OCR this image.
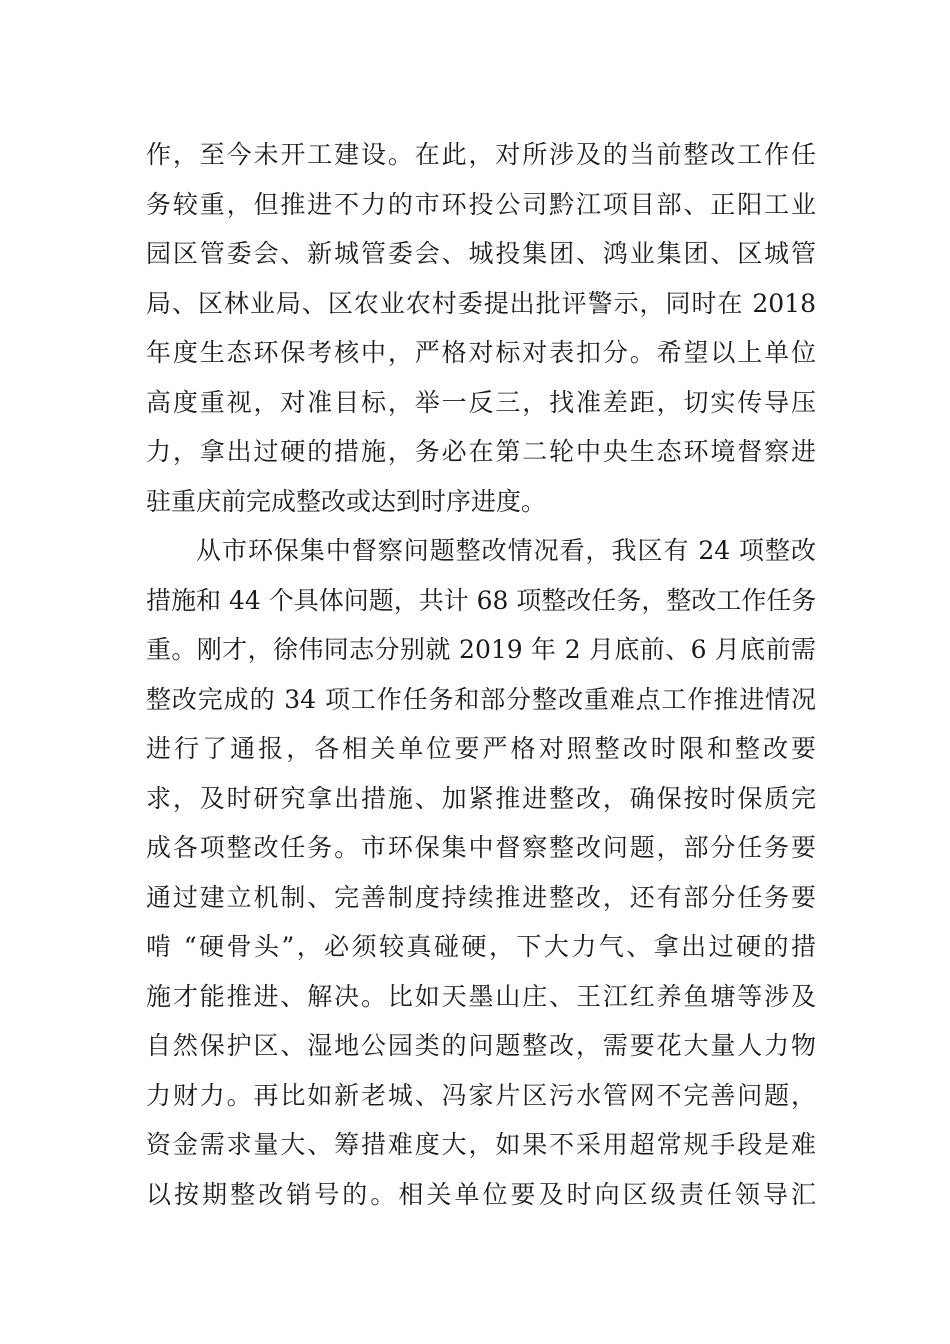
作，至今未开工建设。在此，对所涉及的当前整改工作任
务较重，但推进不力的市环投公司黔江项目部、正阳工业
园区管委会、新城管委会、城投集团、鸿业集团、区城管
局、区林业局、区农业农村委提出批评警示，同时在 2018
年度生态环保考核中，严格对标对表扣分。希望以上单位
高度重视，对准目标，举一反三，找准差距，切实传导压
力，拿出过硬的措施，务必在第二轮中央生态环境督察进
驻重庆前完成整改或达到时序进度。
从市环保集中督察问题整改情况看，我区有 24 项整改
措施和 44 个具体问题，共计 68 项整改任务，整改工作任务
重。刚才，徐伟同志分别就 2019 年 2 月底前、6 月底前需
整改完成的 34 项工作任务和部分整改重难点工作推进情况
进行了通报，各相关单位要严格对照整改时限和整改要
求，及时研究拿出措施、加紧推进整改，确保按时保质完
成各项整改任务。市环保集中督察整改问题，部分任务要
通过建立机制、完善制度持续推进整改，还有部分任务要
啃 “硬骨头”，必须较真碰硬，下大力气、拿出过硬的措
施才能推进、解决。比如天墨山庄、王江红养鱼塘等涉及
自然保护区、湿地公园类的问题整改，需要花大量人力物
力财力。再比如新老城、冯家片区污水管网不完善问题，
资金需求量大、筹措难度大，如果不采用超常规手段是难
以按期整改销号的。相关单位要及时向区级责任领导汇
